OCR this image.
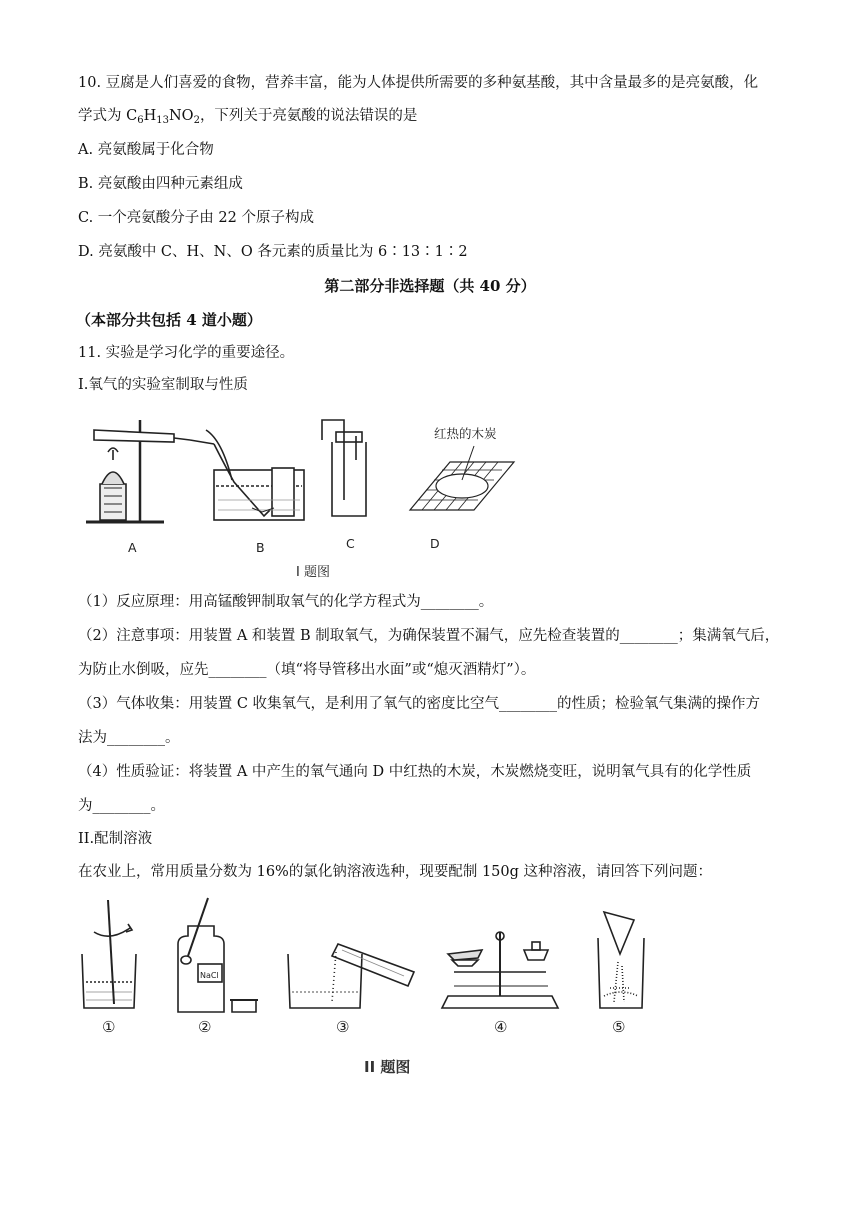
10. 豆腐是人们喜爱的食物，营养丰富，能为人体提供所需要的多种氨基酸，其中含量最多的是亮氨酸，化
学式为 $C_6H_{13}NO_2$，下列关于亮氨酸的说法错误的是
A. 亮氨酸属于化合物
B. 亮氨酸由四种元素组成
C. 一个亮氨酸分子由 22 个原子构成
D. 亮氨酸中 C、H、N、O 各元素的质量比为 6∶13∶1∶2
第二部分非选择题（共 40 分）
（本部分共包括 4 道小题）
11. 实验是学习化学的重要途径。
I.氧气的实验室制取与性质
红热的木炭
A	B	C	D
I 题图
（1）反应原理：用高锰酸钾制取氧气的化学方程式为________。
（2）注意事项：用装置 A 和装置 B 制取氧气，为确保装置不漏气，应先检查装置的________；集满氧气后，
为防止水倒吸，应先________（填“将导管移出水面”或“熄灭酒精灯”）。
（3）气体收集：用装置 C 收集氧气，是利用了氧气的密度比空气________的性质；检验氧气集满的操作方
法为________。
（4）性质验证：将装置 A 中产生的氧气通向 D 中红热的木炭，木炭燃烧变旺，说明氧气具有的化学性质
为________。
II.配制溶液
在农业上，常用质量分数为 16%的氯化钠溶液选种，现要配制 150g 这种溶液，请回答下列问题：
NaCl
①	②	③	④	⑤
II 题图
